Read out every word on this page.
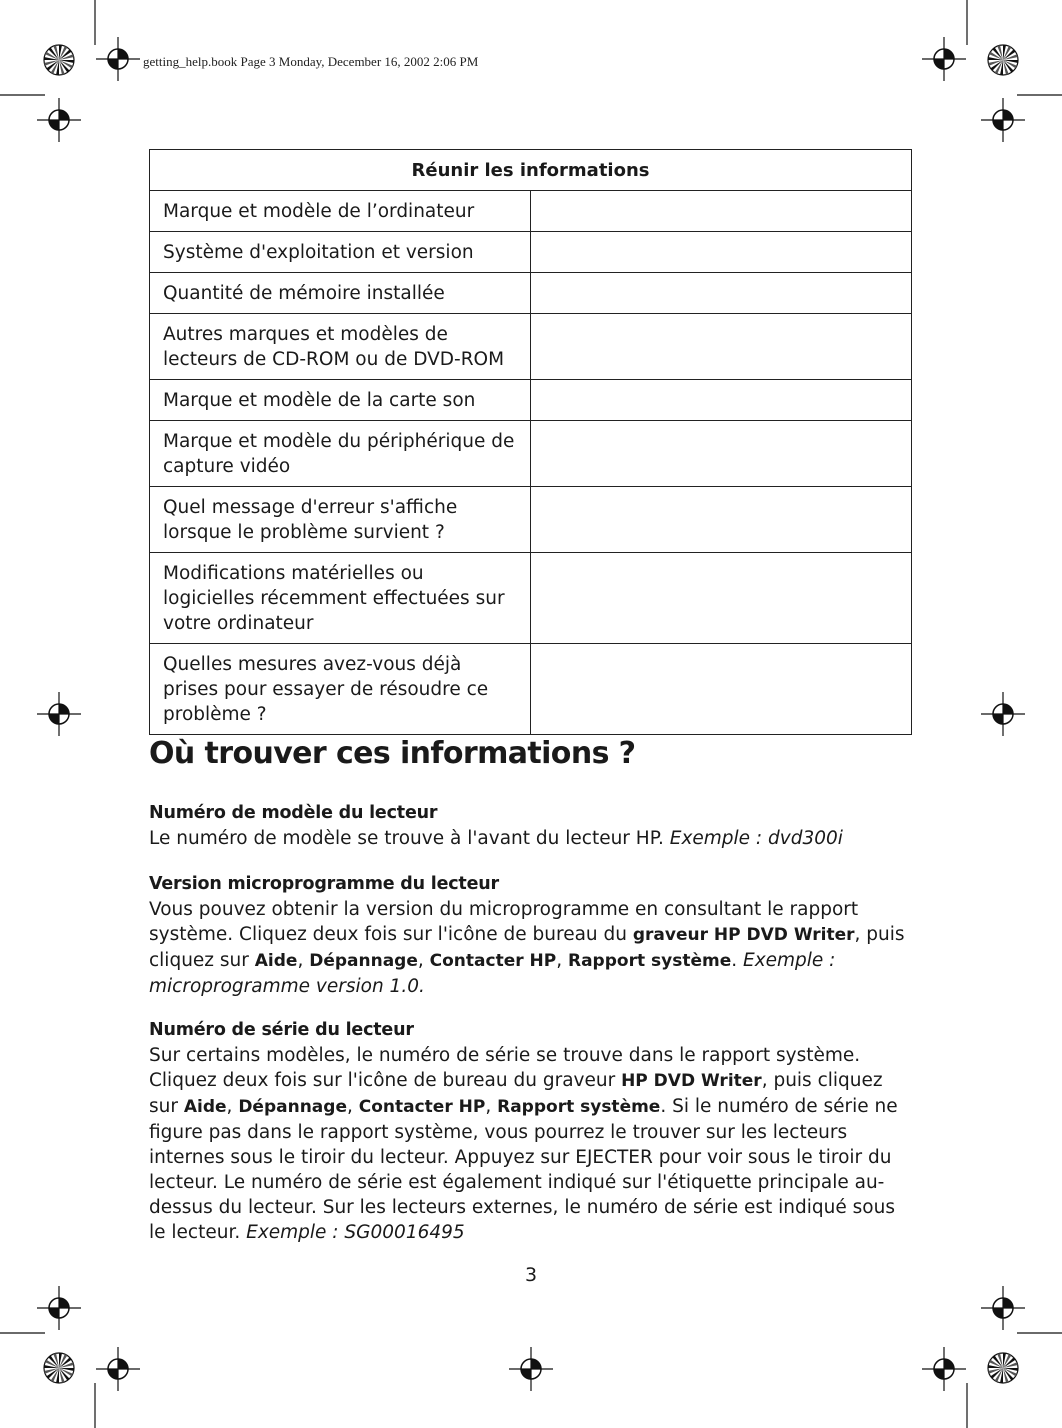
getting_help.book Page 3 Monday, December 16, 2002 2:06 PM
Réunir les informations	
Marque et modèle de l’ordinateur	
Système d'exploitation et version	
Quantité de mémoire installée	
Autres marques et modèles de lecteurs de CD-ROM ou de DVD-ROM	
Marque et modèle de la carte son	
Marque et modèle du périphérique de capture vidéo	
Quel message d'erreur s'affiche lorsque le problème survient ?	
Modifications matérielles ou logicielles récemment effectuées sur votre ordinateur	
Quelles mesures avez-vous déjà prises pour essayer de résoudre ce problème ?	
Où trouver ces informations ?
Numéro de modèle du lecteur

Le numéro de modèle se trouve à l'avant du lecteur HP. Exemple : dvd300i

Version microprogramme du lecteur

Vous pouvez obtenir la version du microprogramme en consultant le rapport système. Cliquez deux fois sur l'icône de bureau du graveur HP DVD Writer, puis cliquez sur Aide, Dépannage, Contacter HP, Rapport système. Exemple : microprogramme version 1.0.

Numéro de série du lecteur

Sur certains modèles, le numéro de série se trouve dans le rapport système. Cliquez deux fois sur l'icône de bureau du graveur HP DVD Writer, puis cliquez sur Aide, Dépannage, Contacter HP, Rapport système. Si le numéro de série ne figure pas dans le rapport système, vous pourrez le trouver sur les lecteurs internes sous le tiroir du lecteur. Appuyez sur EJECTER pour voir sous le tiroir du lecteur. Le numéro de série est également indiqué sur l'étiquette principale au-dessus du lecteur. Sur les lecteurs externes, le numéro de série est indiqué sous le lecteur. Exemple : SG00016495

3
